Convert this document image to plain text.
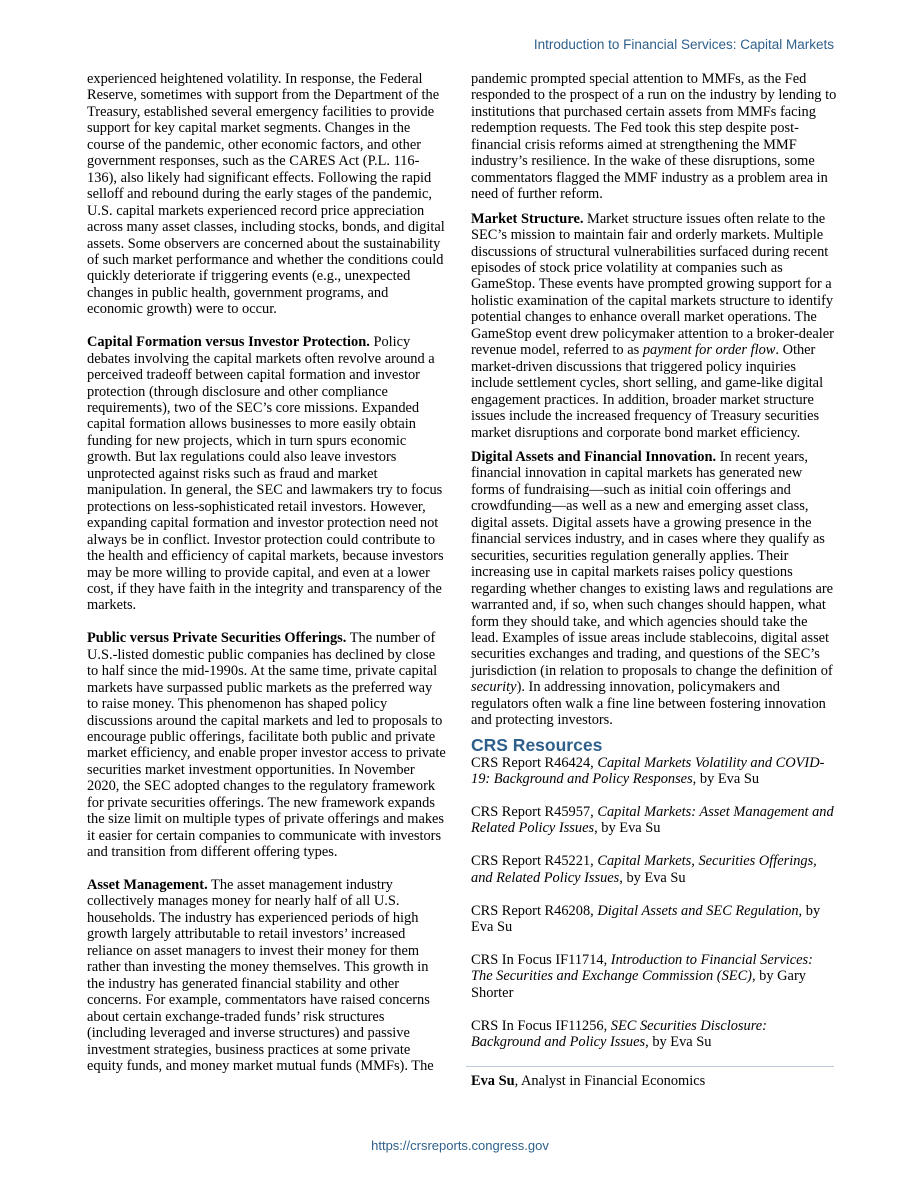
Introduction to Financial Services: Capital Markets

experienced heightened volatility. In response, the Federal Reserve, sometimes with support from the Department of the Treasury, established several emergency facilities to provide support for key capital market segments. Changes in the course of the pandemic, other economic factors, and other government responses, such as the CARES Act (P.L. 116-136), also likely had significant effects. Following the rapid selloff and rebound during the early stages of the pandemic, U.S. capital markets experienced record price appreciation across many asset classes, including stocks, bonds, and digital assets. Some observers are concerned about the sustainability of such market performance and whether the conditions could quickly deteriorate if triggering events (e.g., unexpected changes in public health, government programs, and economic growth) were to occur.

Capital Formation versus Investor Protection. Policy debates involving the capital markets often revolve around a perceived tradeoff between capital formation and investor protection (through disclosure and other compliance requirements), two of the SEC’s core missions. Expanded capital formation allows businesses to more easily obtain funding for new projects, which in turn spurs economic growth. But lax regulations could also leave investors unprotected against risks such as fraud and market manipulation. In general, the SEC and lawmakers try to focus protections on less-sophisticated retail investors. However, expanding capital formation and investor protection need not always be in conflict. Investor protection could contribute to the health and efficiency of capital markets, because investors may be more willing to provide capital, and even at a lower cost, if they have faith in the integrity and transparency of the markets.

Public versus Private Securities Offerings. The number of U.S.-listed domestic public companies has declined by close to half since the mid-1990s. At the same time, private capital markets have surpassed public markets as the preferred way to raise money. This phenomenon has shaped policy discussions around the capital markets and led to proposals to encourage public offerings, facilitate both public and private market efficiency, and enable proper investor access to private securities market investment opportunities. In November 2020, the SEC adopted changes to the regulatory framework for private securities offerings. The new framework expands the size limit on multiple types of private offerings and makes it easier for certain companies to communicate with investors and transition from different offering types.

Asset Management. The asset management industry collectively manages money for nearly half of all U.S. households. The industry has experienced periods of high growth largely attributable to retail investors’ increased reliance on asset managers to invest their money for them rather than investing the money themselves. This growth in the industry has generated financial stability and other concerns. For example, commentators have raised concerns about certain exchange-traded funds’ risk structures (including leveraged and inverse structures) and passive investment strategies, business practices at some private equity funds, and money market mutual funds (MMFs). The

pandemic prompted special attention to MMFs, as the Fed responded to the prospect of a run on the industry by lending to institutions that purchased certain assets from MMFs facing redemption requests. The Fed took this step despite post-financial crisis reforms aimed at strengthening the MMF industry’s resilience. In the wake of these disruptions, some commentators flagged the MMF industry as a problem area in need of further reform.

Market Structure. Market structure issues often relate to the SEC’s mission to maintain fair and orderly markets. Multiple discussions of structural vulnerabilities surfaced during recent episodes of stock price volatility at companies such as GameStop. These events have prompted growing support for a holistic examination of the capital markets structure to identify potential changes to enhance overall market operations. The GameStop event drew policymaker attention to a broker-dealer revenue model, referred to as payment for order flow. Other market-driven discussions that triggered policy inquiries include settlement cycles, short selling, and game-like digital engagement practices. In addition, broader market structure issues include the increased frequency of Treasury securities market disruptions and corporate bond market efficiency.

Digital Assets and Financial Innovation. In recent years, financial innovation in capital markets has generated new forms of fundraising—such as initial coin offerings and crowdfunding—as well as a new and emerging asset class, digital assets. Digital assets have a growing presence in the financial services industry, and in cases where they qualify as securities, securities regulation generally applies. Their increasing use in capital markets raises policy questions regarding whether changes to existing laws and regulations are warranted and, if so, when such changes should happen, what form they should take, and which agencies should take the lead. Examples of issue areas include stablecoins, digital asset securities exchanges and trading, and questions of the SEC’s jurisdiction (in relation to proposals to change the definition of security). In addressing innovation, policymakers and regulators often walk a fine line between fostering innovation and protecting investors.

CRS Resources

CRS Report R46424, Capital Markets Volatility and COVID-19: Background and Policy Responses, by Eva Su

CRS Report R45957, Capital Markets: Asset Management and Related Policy Issues, by Eva Su

CRS Report R45221, Capital Markets, Securities Offerings, and Related Policy Issues, by Eva Su

CRS Report R46208, Digital Assets and SEC Regulation, by Eva Su

CRS In Focus IF11714, Introduction to Financial Services: The Securities and Exchange Commission (SEC), by Gary Shorter

CRS In Focus IF11256, SEC Securities Disclosure: Background and Policy Issues, by Eva Su

Eva Su, Analyst in Financial Economics

https://crsreports.congress.gov
